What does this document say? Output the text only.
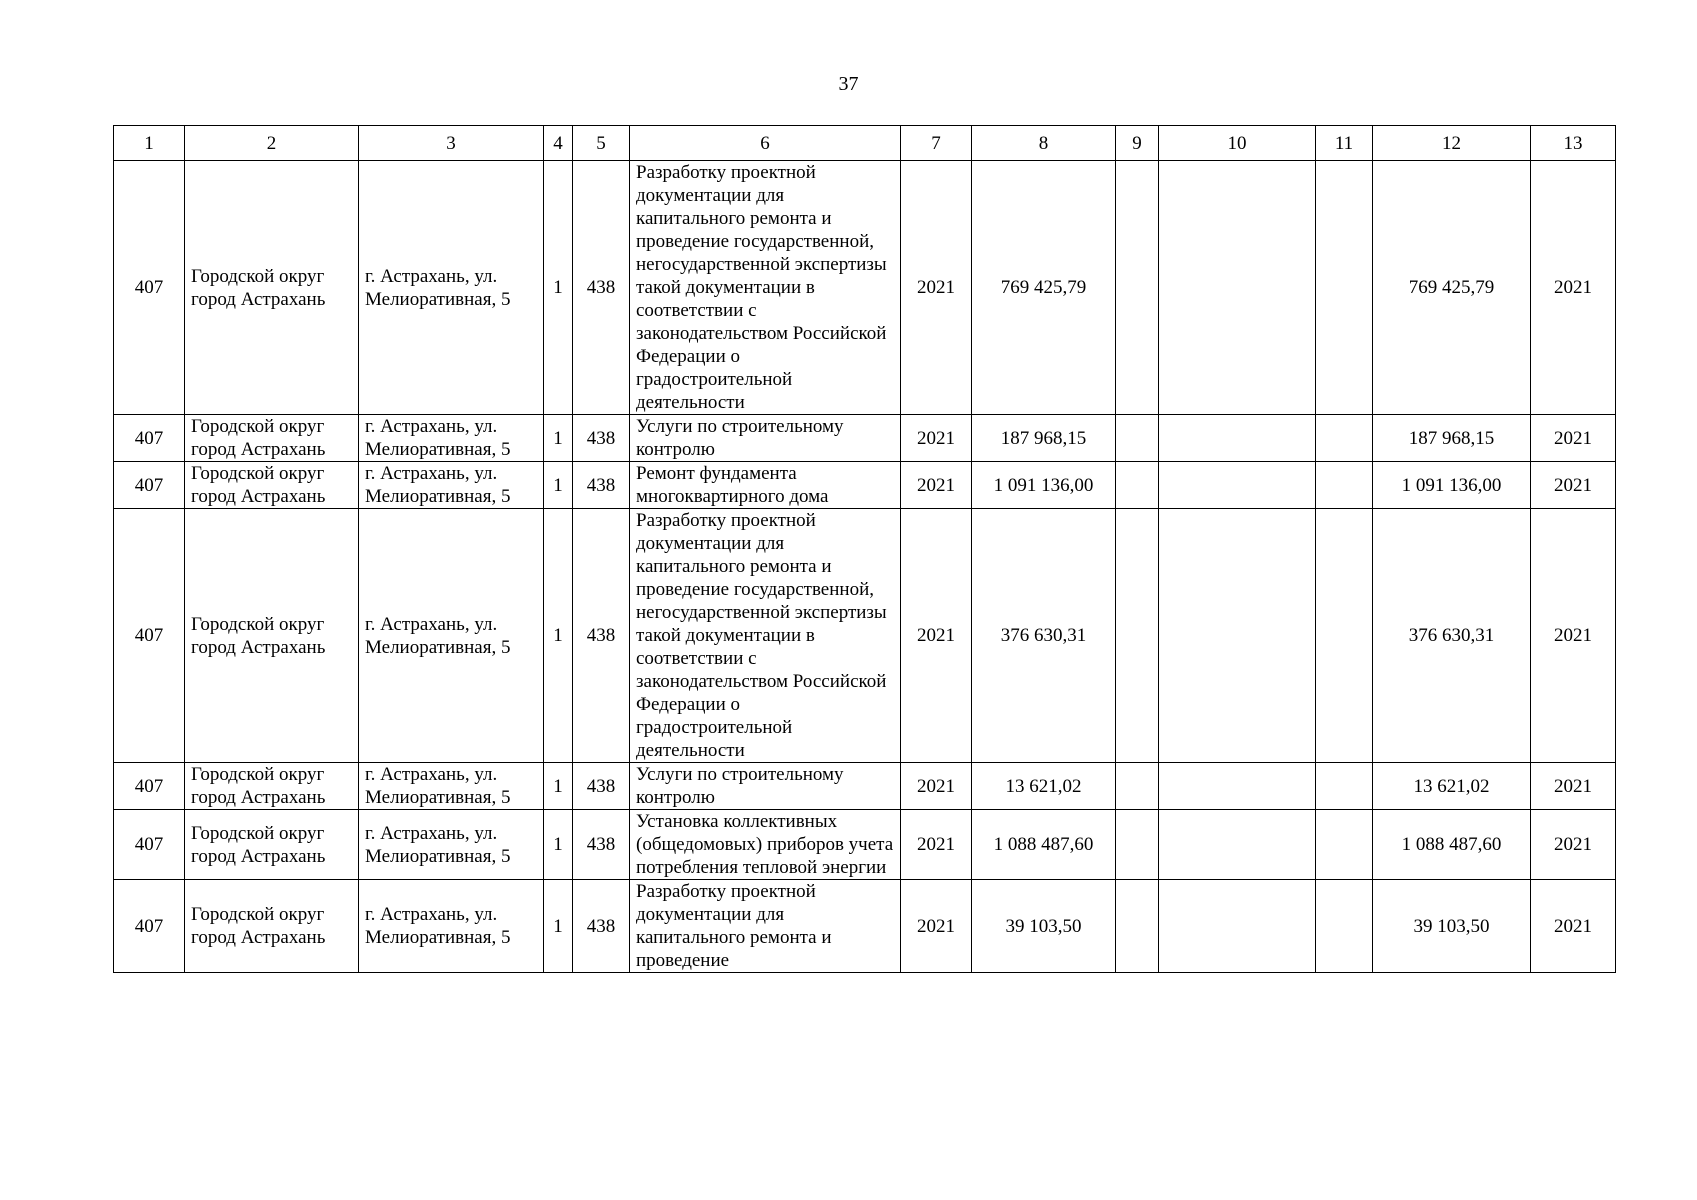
37
1	2	3	4	5	6	7	8	9	10	11	12	13
407	Городской округ город Астрахань	г. Астрахань, ул. Мелиоративная, 5	1	438	Разработку проектной документации для капитального ремонта и проведение государственной, негосударственной экспертизы такой документации в соответствии с законодательством Российской Федерации о градостроительной деятельности	2021	769 425,79				769 425,79	2021
407	Городской округ город Астрахань	г. Астрахань, ул. Мелиоративная, 5	1	438	Услуги по строительному контролю	2021	187 968,15				187 968,15	2021
407	Городской округ город Астрахань	г. Астрахань, ул. Мелиоративная, 5	1	438	Ремонт фундамента многоквартирного дома	2021	1 091 136,00				1 091 136,00	2021
407	Городской округ город Астрахань	г. Астрахань, ул. Мелиоративная, 5	1	438	Разработку проектной документации для капитального ремонта и проведение государственной, негосударственной экспертизы такой документации в соответствии с законодательством Российской Федерации о градостроительной деятельности	2021	376 630,31				376 630,31	2021
407	Городской округ город Астрахань	г. Астрахань, ул. Мелиоративная, 5	1	438	Услуги по строительному контролю	2021	13 621,02				13 621,02	2021
407	Городской округ город Астрахань	г. Астрахань, ул. Мелиоративная, 5	1	438	Установка коллективных (общедомовых) приборов учета потребления тепловой энергии	2021	1 088 487,60				1 088 487,60	2021
407	Городской округ город Астрахань	г. Астрахань, ул. Мелиоративная, 5	1	438	Разработку проектной документации для капитального ремонта и проведение	2021	39 103,50				39 103,50	2021
